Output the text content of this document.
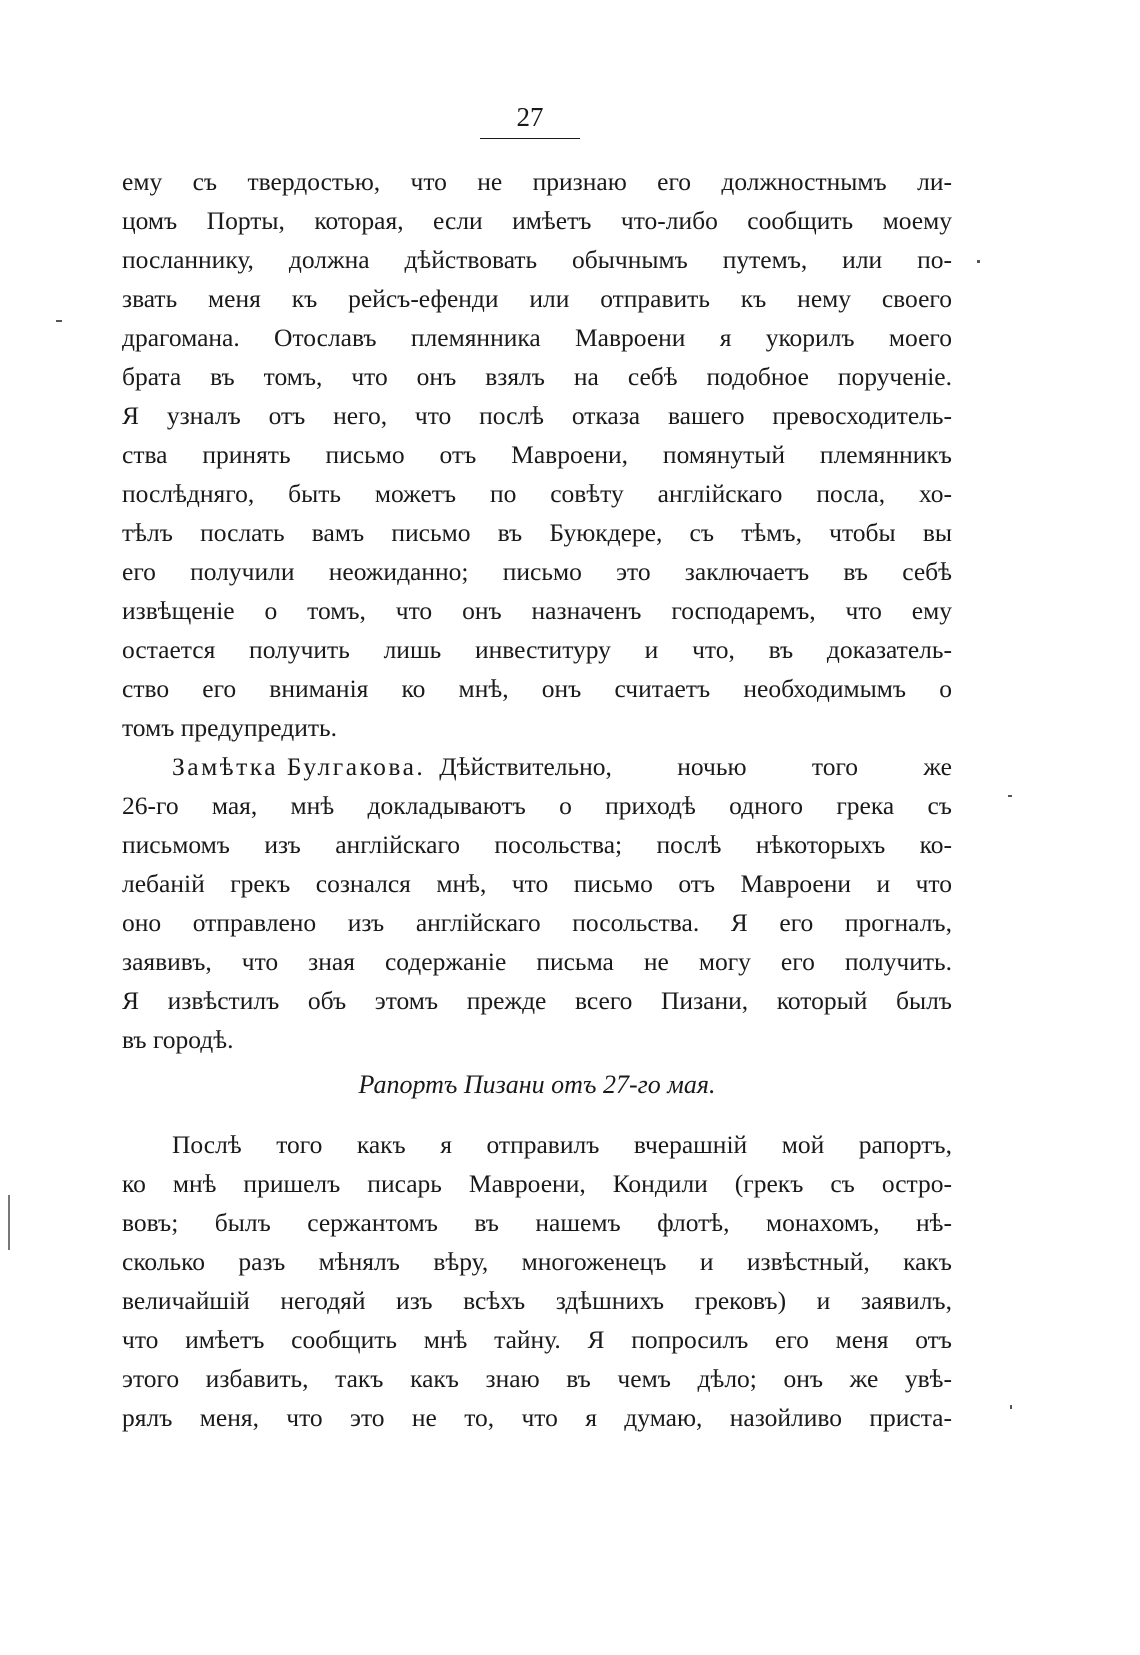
27
ему съ твердостью, что не признаю его должностнымъ ли-
цомъ Порты, которая, если имѣетъ что-либо сообщить моему
посланнику, должна дѣйствовать обычнымъ путемъ, или по-
звать меня къ рейсъ-ефенди или отправить къ нему своего
драгомана. Отославъ племянника Мавроени я укорилъ моего
брата въ томъ, что онъ взялъ на себѣ подобное порученіе.
Я узналъ отъ него, что послѣ отказа вашего превосходитель-
ства принять письмо отъ Мавроени, помянутый племянникъ
послѣдняго, быть можетъ по совѣту англійскаго посла, хо-
тѣлъ послать вамъ письмо въ Буюкдере, съ тѣмъ, чтобы вы
его получили неожиданно; письмо это заключаетъ въ себѣ
извѣщеніе о томъ, что онъ назначенъ господаремъ, что ему
остается получить лишь инвеституру и что, въ доказатель-
ство его вниманія ко мнѣ, онъ считаетъ необходимымъ о
томъ предупредить.
Замѣтка Булгакова. Дѣйствительно, ночью того же
26-го мая, мнѣ докладываютъ о приходѣ одного грека съ
письмомъ изъ англійскаго посольства; послѣ нѣкоторыхъ ко-
лебаній грекъ сознался мнѣ, что письмо отъ Мавроени и что
оно отправлено изъ англійскаго посольства. Я его прогналъ,
заявивъ, что зная содержаніе письма не могу его получить.
Я извѣстилъ объ этомъ прежде всего Пизани, который былъ
въ городѣ.
Рапортъ Пизани отъ 27-го мая.
Послѣ того какъ я отправилъ вчерашній мой рапортъ,
ко мнѣ пришелъ писарь Мавроени, Кондили (грекъ съ остро-
вовъ; былъ сержантомъ въ нашемъ флотѣ, монахомъ, нѣ-
сколько разъ мѣнялъ вѣру, многоженецъ и извѣстный, какъ
величайшій негодяй изъ всѣхъ здѣшнихъ грековъ) и заявилъ,
что имѣетъ сообщить мнѣ тайну. Я попросилъ его меня отъ
этого избавить, такъ какъ знаю въ чемъ дѣло; онъ же увѣ-
рялъ меня, что это не то, что я думаю, назойливо приста-
